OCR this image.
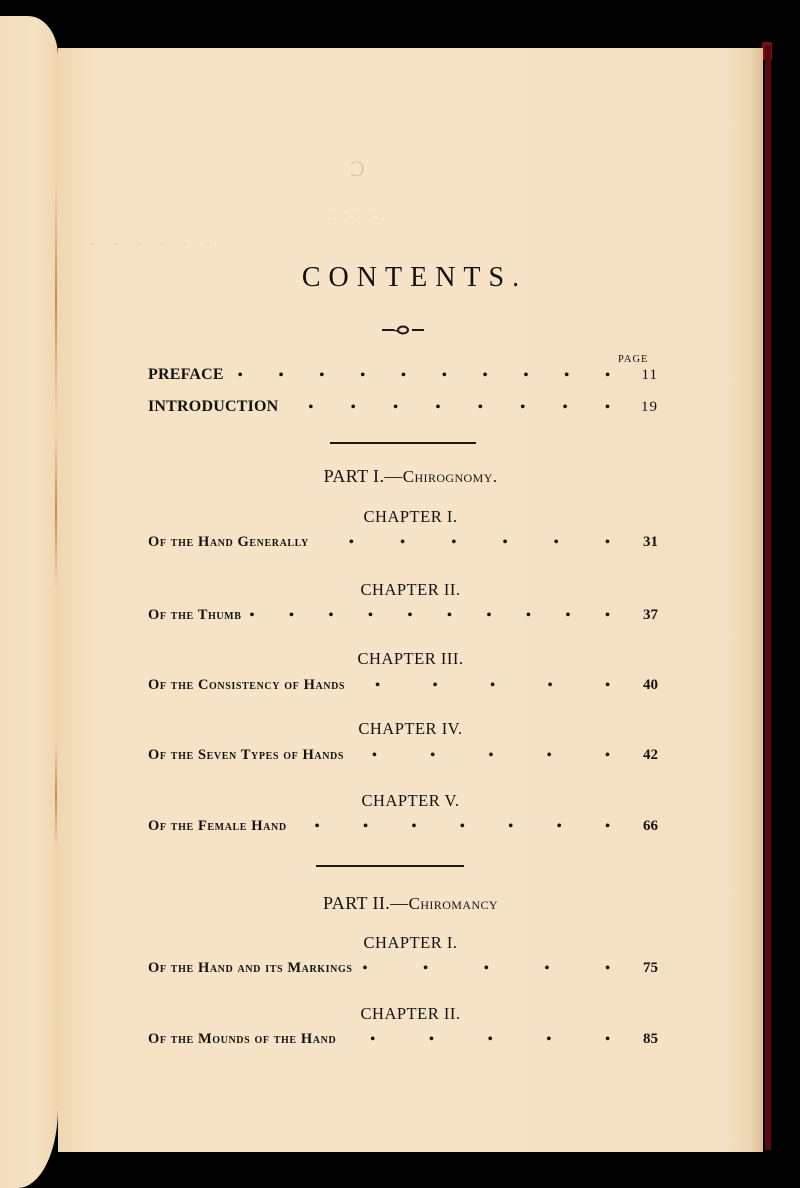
C
· · · · ·
·   ·   ·   ·   ·   ·
CONTENTS.
PAGE
PREFACE •	•	•	•	•	•	•	•	•	•	11
INTRODUCTION •	•	•	•	•	•	•	•	19
PART I.—Chirognomy.
CHAPTER I.
Of the Hand Generally	•	•	•	•	•	•	31
CHAPTER II.
Of the Thumb • • • • • • • • • •	37
CHAPTER III.
Of the Consistency of Hands •	•	•	•	•	40
CHAPTER IV.
Of the Seven Types of Hands •	•	•	•	•	42
CHAPTER V.
Of the Female Hand •	•	•	•	•	•	•	66
PART II.—Chiromancy
CHAPTER I.
Of the Hand and its Markings •	•	•	•	•	75
CHAPTER II.
Of the Mounds of the Hand •	•	•	•	•	85
